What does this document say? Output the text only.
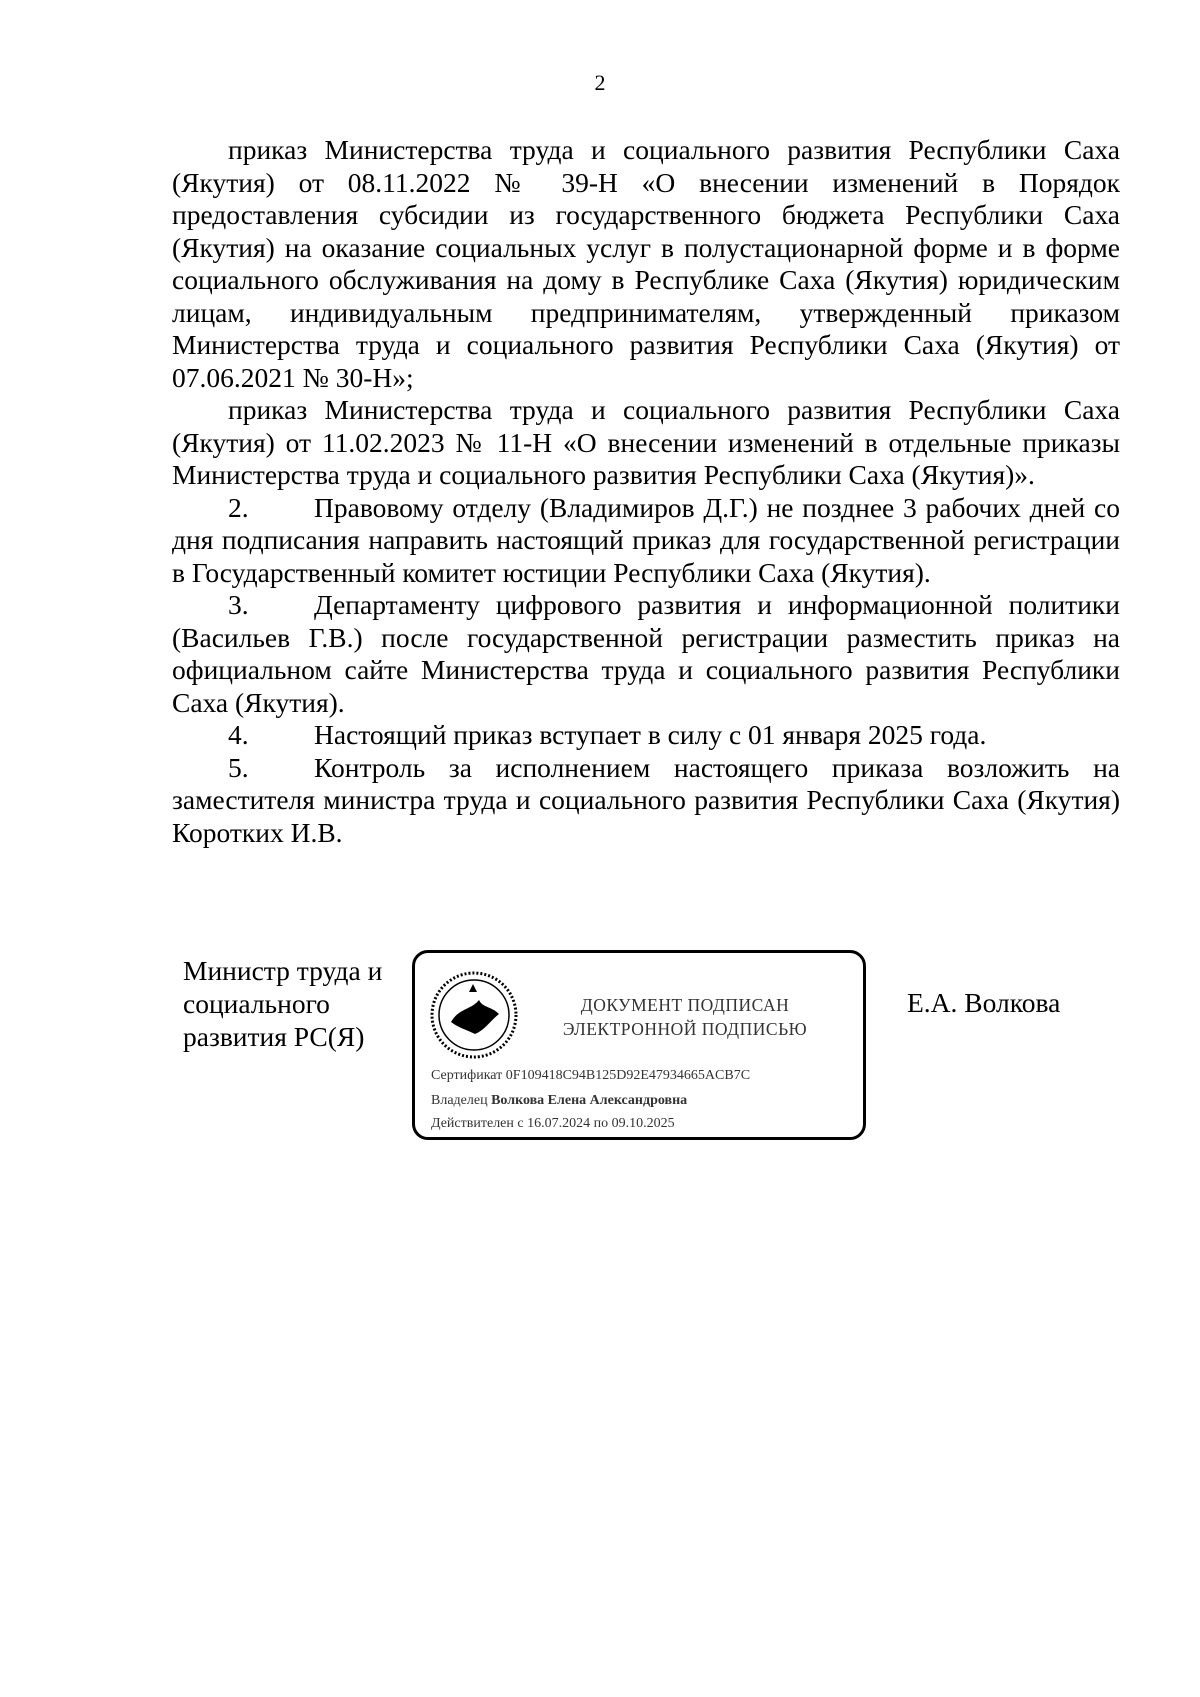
2

приказ Министерства труда и социального развития Республики Саха (Якутия) от 08.11.2022 № 39-Н «О внесении изменений в Порядок предоставления субсидии из государственного бюджета Республики Саха (Якутия) на оказание социальных услуг в полустационарной форме и в форме социального обслуживания на дому в Республике Саха (Якутия) юридическим лицам, индивидуальным предпринимателям, утвержденный приказом Министерства труда и социального развития Республики Саха (Якутия) от 07.06.2021 № 30-Н»;

приказ Министерства труда и социального развития Республики Саха (Якутия) от 11.02.2023 № 11-Н «О внесении изменений в отдельные приказы Министерства труда и социального развития Республики Саха (Якутия)».

2. Правовому отделу (Владимиров Д.Г.) не позднее 3 рабочих дней со дня подписания направить настоящий приказ для государственной регистрации в Государственный комитет юстиции Республики Саха (Якутия).

3. Департаменту цифрового развития и информационной политики (Васильев Г.В.) после государственной регистрации разместить приказ на официальном сайте Министерства труда и социального развития Республики Саха (Якутия).

4. Настоящий приказ вступает в силу с 01 января 2025 года.

5. Контроль за исполнением настоящего приказа возложить на заместителя министра труда и социального развития Республики Саха (Якутия) Коротких И.В.

Министр труда и
социального
развития РС(Я)
ДОКУМЕНТ ПОДПИСАН
ЭЛЕКТРОННОЙ ПОДПИСЬЮ
Сертификат 0F109418C94B125D92E47934665ACB7C
Владелец Волкова Елена Александровна
Действителен с 16.07.2024 по 09.10.2025
Е.А. Волкова
